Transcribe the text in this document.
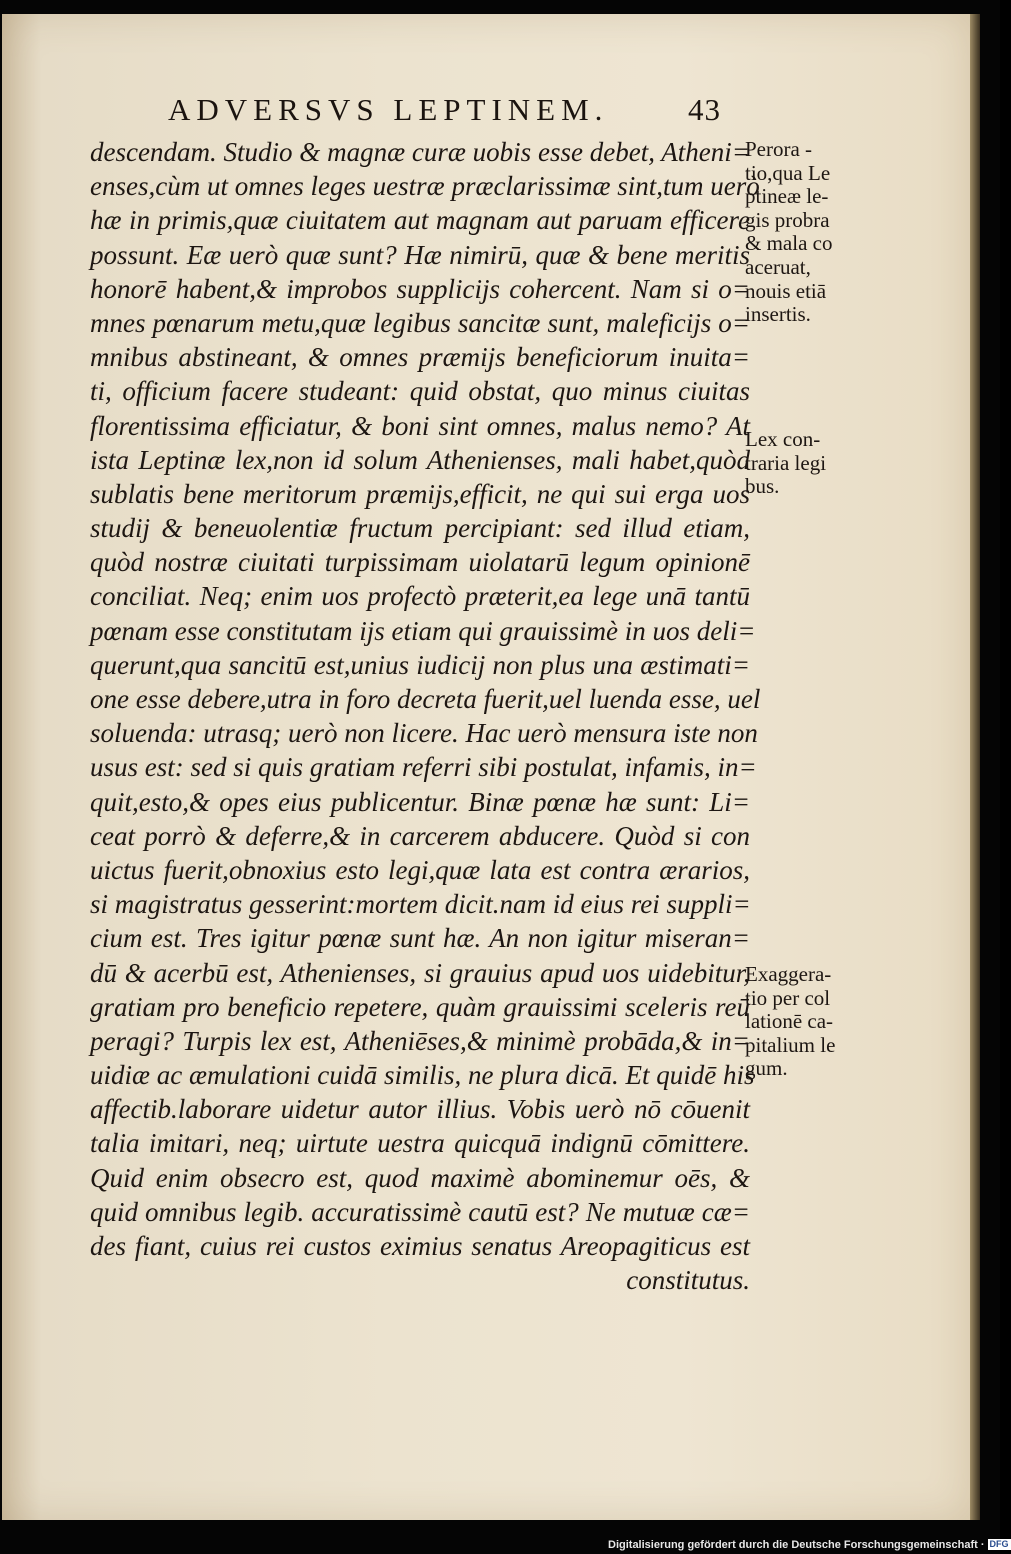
ADVERSVS LEPTINEM.	43
descendam. Studio & magnæ curæ uobis esse debet, Atheni=
enses,cùm ut omnes leges uestræ præclarissimæ sint,tum uerò
hæ in primis,quæ ciuitatem aut magnam aut paruam efficere
possunt. Eæ uerò quæ sunt? Hæ nimirū, quæ & bene meritis
honorē habent,& improbos supplicijs cohercent. Nam si o=
mnes pœnarum metu,quæ legibus sancitæ sunt, maleficijs o=
mnibus abstineant, & omnes præmijs beneficiorum inuita=
ti, officium facere studeant: quid obstat, quo minus ciuitas
florentissima efficiatur, & boni sint omnes, malus nemo? At
ista Leptinæ lex,non id solum Athenienses, mali habet,quòd
sublatis bene meritorum præmijs,efficit, ne qui sui erga uos
studij & beneuolentiæ fructum percipiant: sed illud etiam,
quòd nostræ ciuitati turpissimam uiolatarū legum opinionē
conciliat. Neq; enim uos profectò præterit,ea lege unā tantū
pœnam esse constitutam ijs etiam qui grauissimè in uos deli=
querunt,qua sancitū est,unius iudicij non plus una æstimati=
one esse debere,utra in foro decreta fuerit,uel luenda esse, uel
soluenda: utrasq; uerò non licere. Hac uerò mensura iste non
usus est: sed si quis gratiam referri sibi postulat, infamis, in=
quit,esto,& opes eius publicentur. Binæ pœnæ hæ sunt: Li=
ceat porrò & deferre,& in carcerem abducere. Quòd si con
uictus fuerit,obnoxius esto legi,quæ lata est contra ærarios,
si magistratus gesserint:mortem dicit.nam id eius rei suppli=
cium est. Tres igitur pœnæ sunt hæ. An non igitur miseran=
dū & acerbū est, Athenienses, si grauius apud uos uidebitur,
gratiam pro beneficio repetere, quàm grauissimi sceleris reū
peragi? Turpis lex est, Atheniēses,& minimè probāda,& in=
uidiæ ac æmulationi cuidā similis, ne plura dicā. Et quidē his
affectib.laborare uidetur autor illius. Vobis uerò nō cōuenit
talia imitari, neq; uirtute uestra quicquā indignū cōmittere.
Quid enim obsecro est, quod maximè abominemur oēs, &
quid omnibus legib. accuratissimè cautū est? Ne mutuæ cæ=
des fiant, cuius rei custos eximius senatus Areopagiticus est
constitutus.
Perora -
tio,qua Le
ptineæ le-
gis probra
& mala co
aceruat,
nouis etiā
insertis.
Lex con-
traria legi
bus.
Exaggera-
tio per col
lationē ca-
pitalium le
gum.
Digitalisierung gefördert durch die Deutsche Forschungsgemeinschaft · DFG
